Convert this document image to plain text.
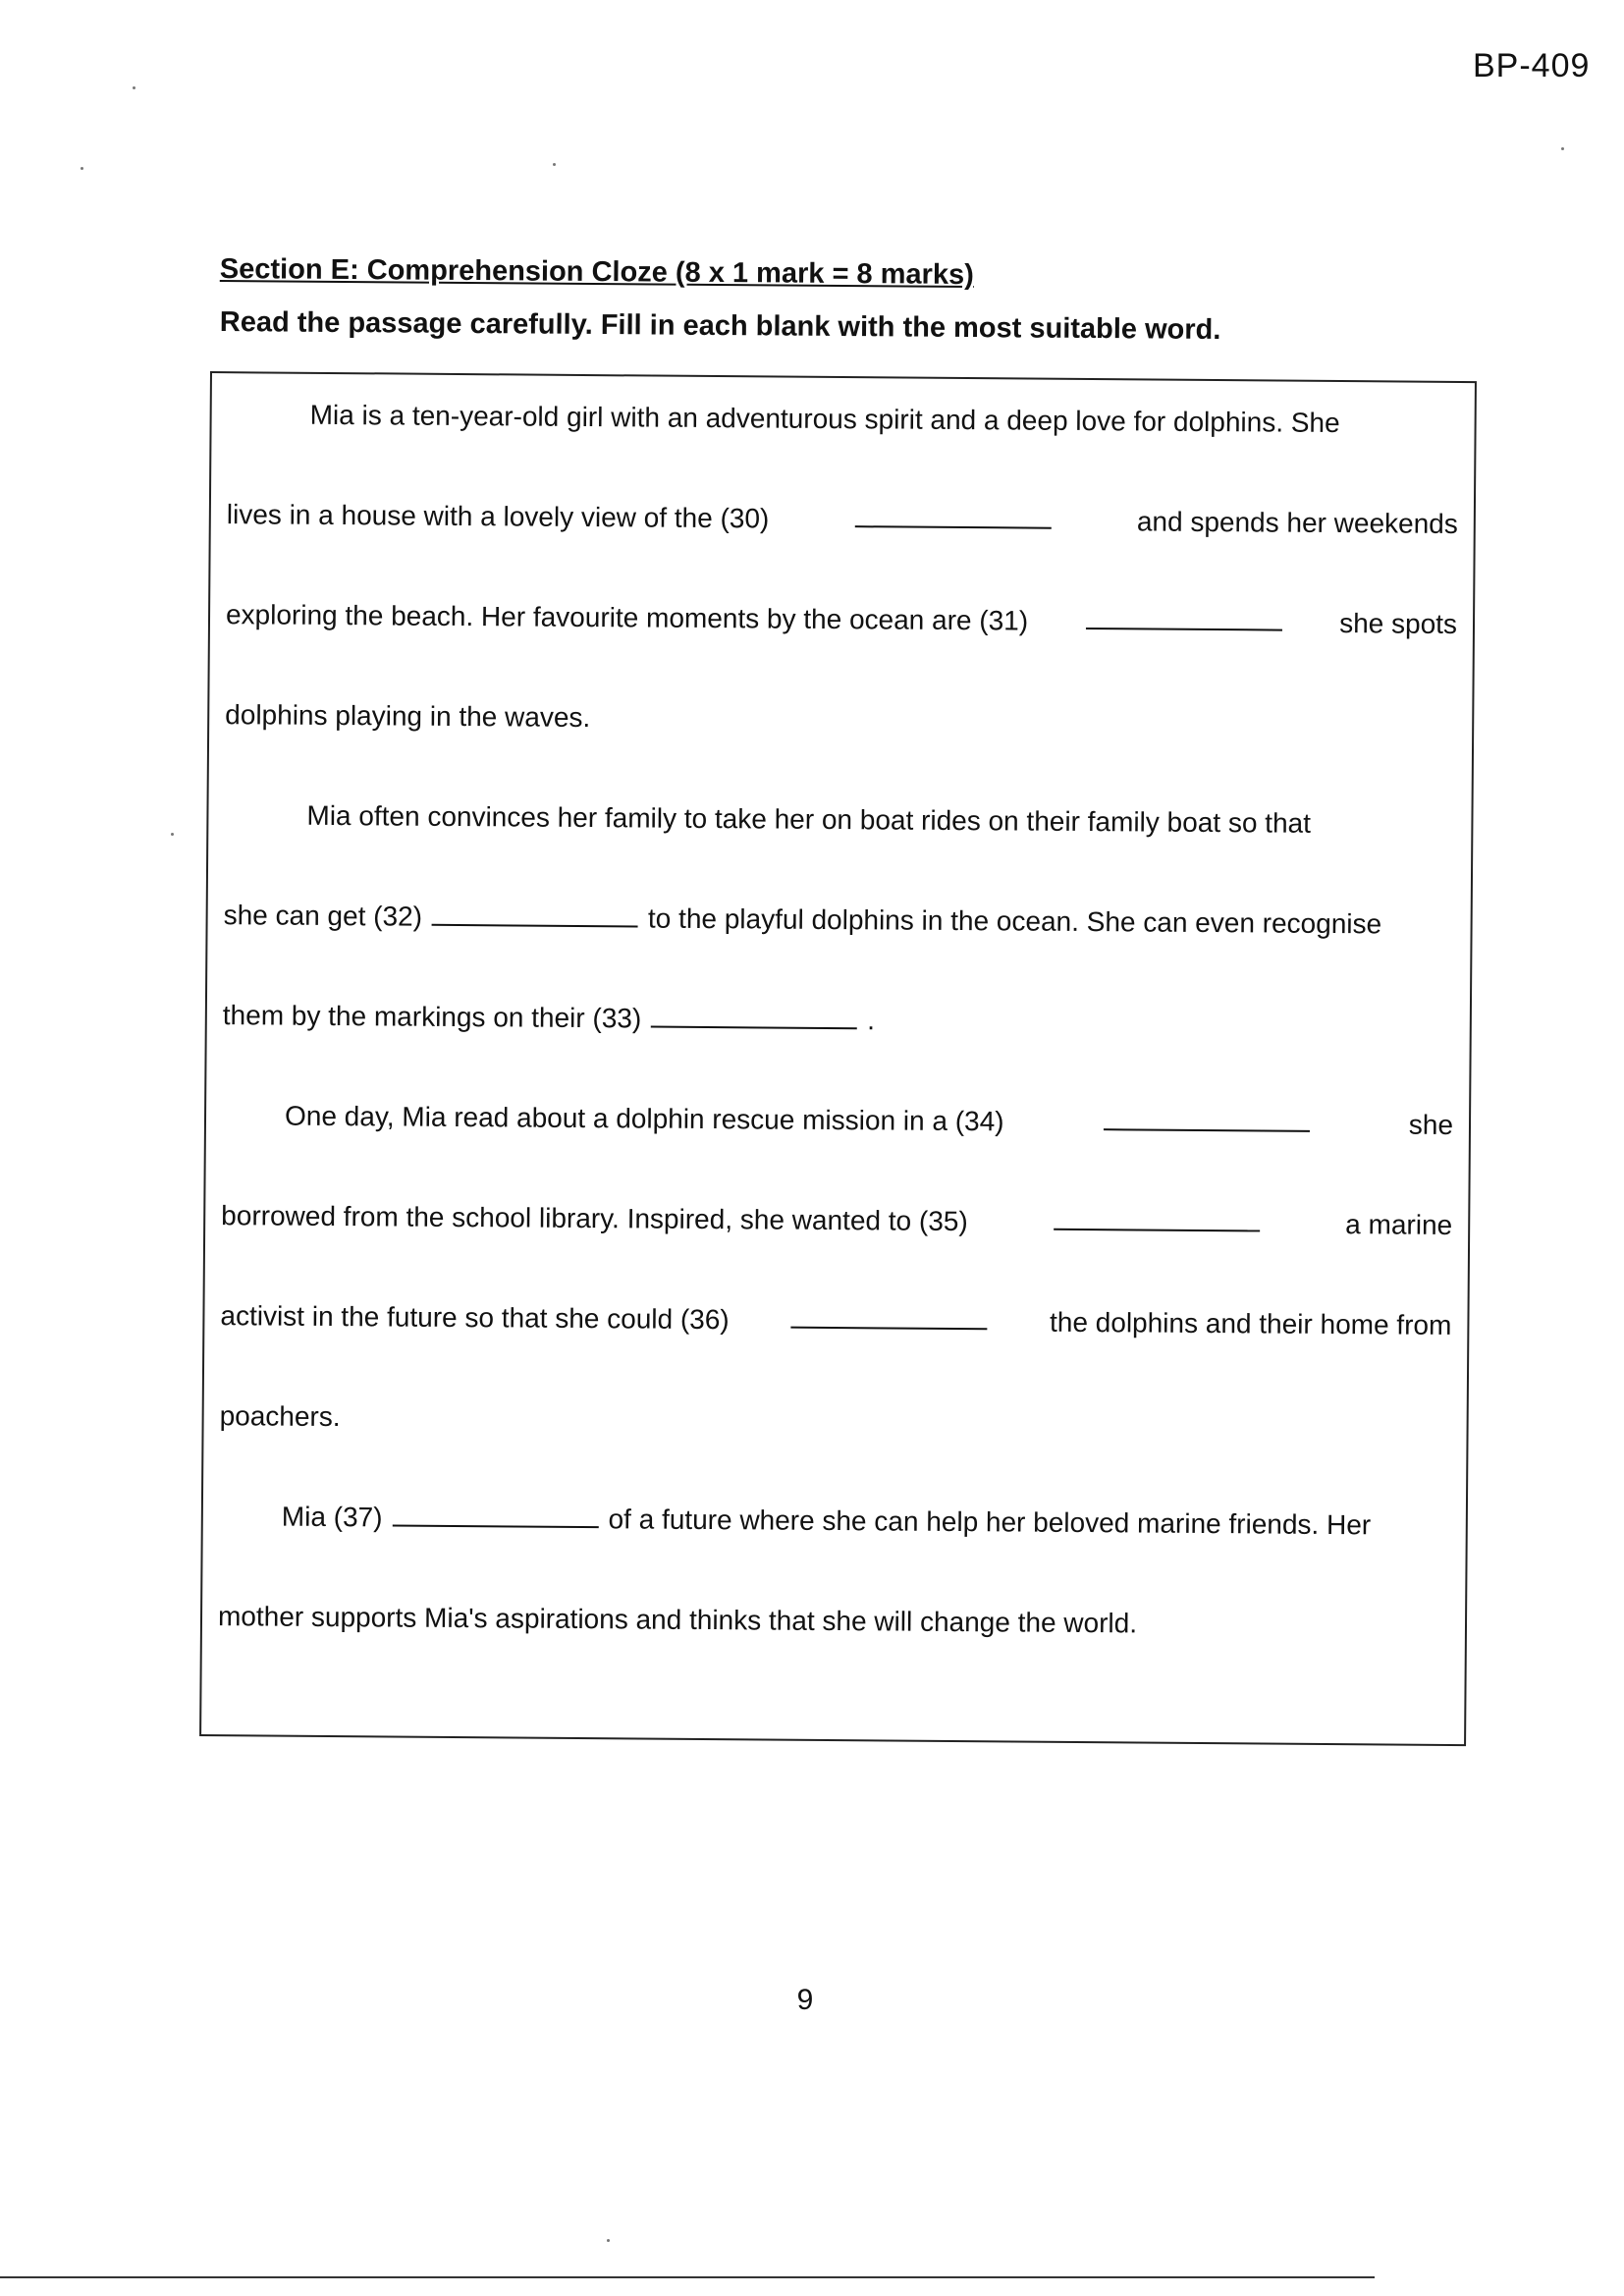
BP-409
Section E: Comprehension Cloze (8 x 1 mark = 8 marks)
Read the passage carefully. Fill in each blank with the most suitable word.
Mia is a ten-year-old girl with an adventurous spirit and a deep love for dolphins. She
lives in a house with a lovely view of the (30)	and spends her weekends
exploring the beach. Her favourite moments by the ocean are (31)	she spots
dolphins playing in the waves.
Mia often convinces her family to take her on boat rides on their family boat so that
she can get (32)	to the playful dolphins in the ocean. She can even recognise
them by the markings on their (33)	.
One day, Mia read about a dolphin rescue mission in a (34)	she
borrowed from the school library. Inspired, she wanted to (35)	a marine
activist in the future so that she could (36)	the dolphins and their home from
poachers.
Mia (37)	of a future where she can help her beloved marine friends. Her
mother supports Mia's aspirations and thinks that she will change the world.
9
